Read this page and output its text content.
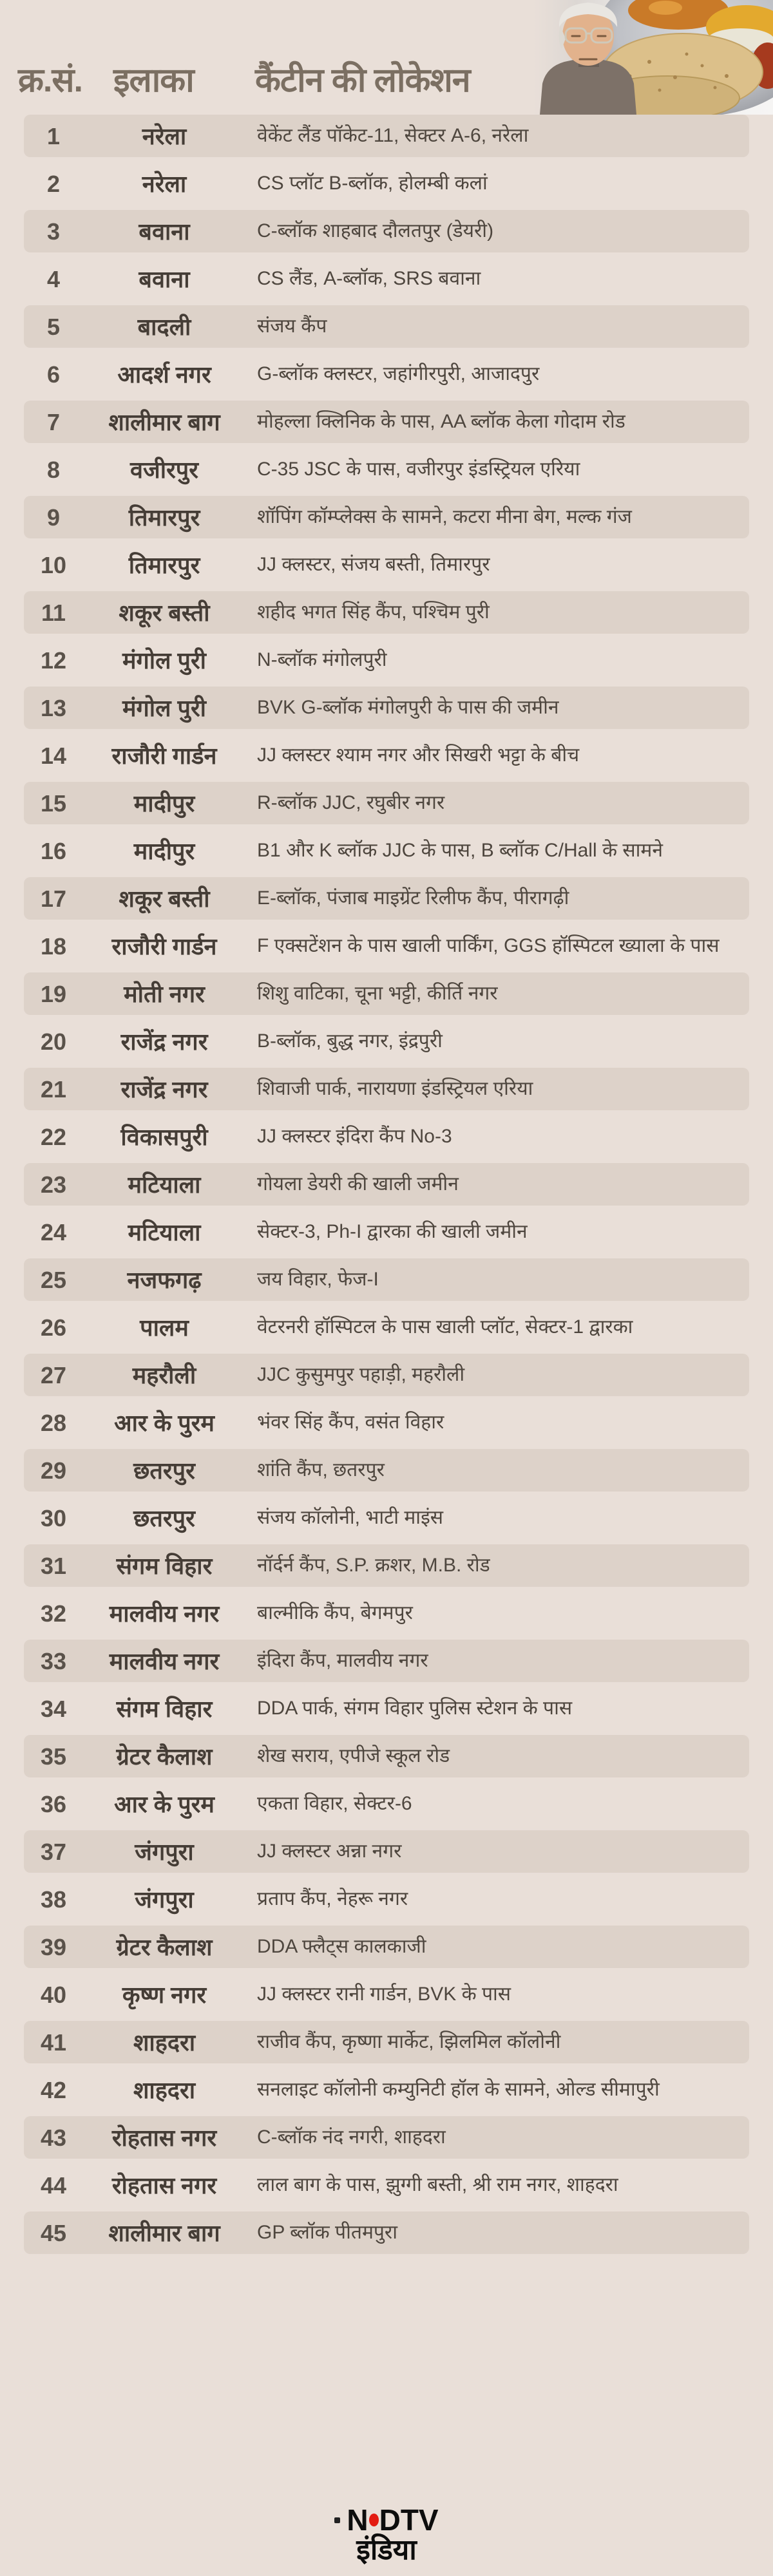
क्र.सं. इलाका कैंटीन की लोकेशन
1	नरेला	वेकेंट लैंड पॉकेट-11, सेक्टर A-6, नरेला
2	नरेला	CS प्लॉट B-ब्लॉक, होलम्बी कलां
3	बवाना	C-ब्लॉक शाहबाद दौलतपुर (डेयरी)
4	बवाना	CS लैंड, A-ब्लॉक, SRS बवाना
5	बादली	संजय कैंप
6	आदर्श नगर	G-ब्लॉक क्लस्टर, जहांगीरपुरी, आजादपुर
7	शालीमार बाग	मोहल्ला क्लिनिक के पास, AA ब्लॉक केला गोदाम रोड
8	वजीरपुर	C-35 JSC के पास, वजीरपुर इंडस्ट्रियल एरिया
9	तिमारपुर	शॉपिंग कॉम्प्लेक्स के सामने, कटरा मीना बेग, मल्क गंज
10	तिमारपुर	JJ क्लस्टर, संजय बस्ती, तिमारपुर
11	शकूर बस्ती	शहीद भगत सिंह कैंप, पश्चिम पुरी
12	मंगोल पुरी	N-ब्लॉक मंगोलपुरी
13	मंगोल पुरी	BVK G-ब्लॉक मंगोलपुरी के पास की जमीन
14	राजौरी गार्डन	JJ क्लस्टर श्याम नगर और सिखरी भट्टा के बीच
15	मादीपुर	R-ब्लॉक JJC, रघुबीर नगर
16	मादीपुर	B1 और K ब्लॉक JJC के पास, B ब्लॉक C/Hall के सामने
17	शकूर बस्ती	E-ब्लॉक, पंजाब माइग्रेंट रिलीफ कैंप, पीरागढ़ी
18	राजौरी गार्डन	F एक्सटेंशन के पास खाली पार्किंग, GGS हॉस्पिटल ख्याला के पास
19	मोती नगर	शिशु वाटिका, चूना भट्टी, कीर्ति नगर
20	राजेंद्र नगर	B-ब्लॉक, बुद्ध नगर, इंद्रपुरी
21	राजेंद्र नगर	शिवाजी पार्क, नारायणा इंडस्ट्रियल एरिया
22	विकासपुरी	JJ क्लस्टर इंदिरा कैंप No-3
23	मटियाला	गोयला डेयरी की खाली जमीन
24	मटियाला	सेक्टर-3, Ph-I द्वारका की खाली जमीन
25	नजफगढ़	जय विहार, फेज-I
26	पालम	वेटरनरी हॉस्पिटल के पास खाली प्लॉट, सेक्टर-1 द्वारका
27	महरौली	JJC कुसुमपुर पहाड़ी, महरौली
28	आर के पुरम	भंवर सिंह कैंप, वसंत विहार
29	छतरपुर	शांति कैंप, छतरपुर
30	छतरपुर	संजय कॉलोनी, भाटी माइंस
31	संगम विहार	नॉर्दर्न कैंप, S.P. क्रशर, M.B. रोड
32	मालवीय नगर	बाल्मीकि कैंप, बेगमपुर
33	मालवीय नगर	इंदिरा कैंप, मालवीय नगर
34	संगम विहार	DDA पार्क, संगम विहार पुलिस स्टेशन के पास
35	ग्रेटर कैलाश	शेख सराय, एपीजे स्कूल रोड
36	आर के पुरम	एकता विहार, सेक्टर-6
37	जंगपुरा	JJ क्लस्टर अन्ना नगर
38	जंगपुरा	प्रताप कैंप, नेहरू नगर
39	ग्रेटर कैलाश	DDA फ्लैट्स कालकाजी
40	कृष्ण नगर	JJ क्लस्टर रानी गार्डन, BVK के पास
41	शाहदरा	राजीव कैंप, कृष्णा मार्केट, झिलमिल कॉलोनी
42	शाहदरा	सनलाइट कॉलोनी कम्युनिटी हॉल के सामने, ओल्ड सीमापुरी
43	रोहतास नगर	C-ब्लॉक नंद नगरी, शाहदरा
44	रोहतास नगर	लाल बाग के पास, झुग्गी बस्ती, श्री राम नगर, शाहदरा
45	शालीमार बाग	GP ब्लॉक पीतमपुरा
N DTV
इंडिया
